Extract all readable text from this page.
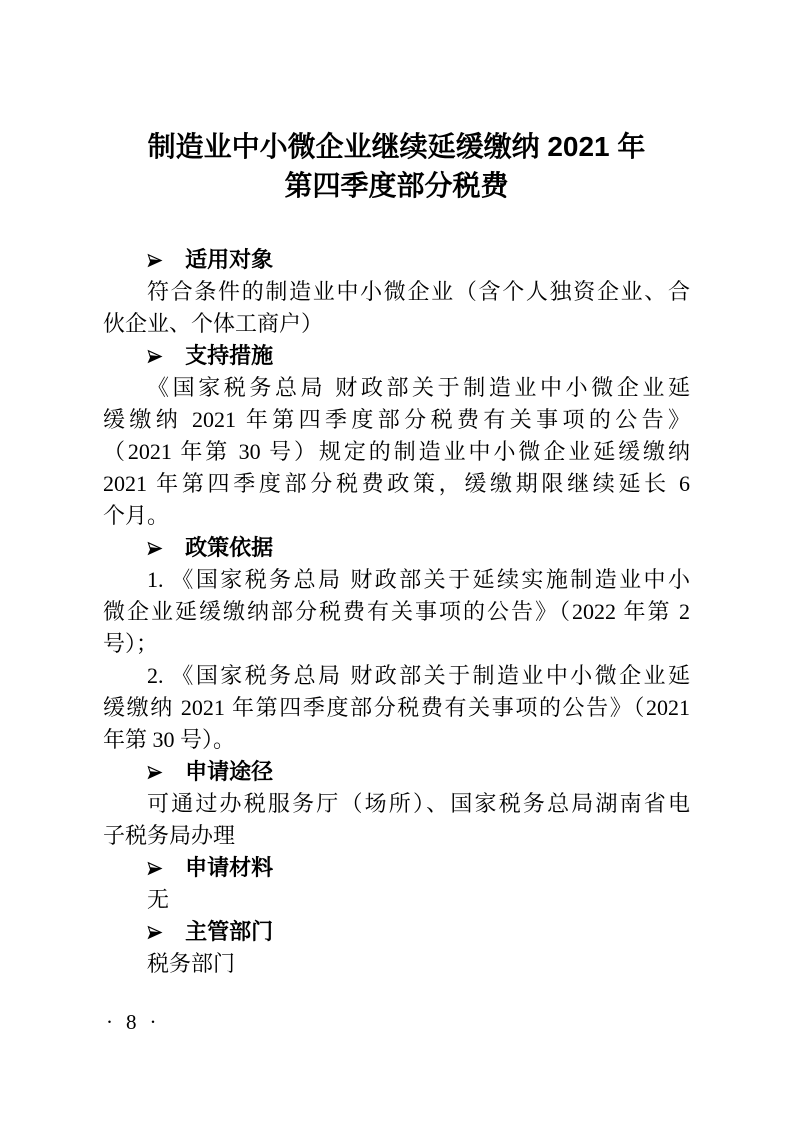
制造业中小微企业继续延缓缴纳 2021 年
第四季度部分税费
适用对象
符合条件的制造业中小微企业（含个人独资企业、合
伙企业、个体工商户）
支持措施
《国家税务总局 财政部关于制造业中小微企业延
缓缴纳 2021 年第四季度部分税费有关事项的公告》
（2021 年第 30 号）规定的制造业中小微企业延缓缴纳
2021 年第四季度部分税费政策，缓缴期限继续延长 6
个月。
政策依据
1. 《国家税务总局 财政部关于延续实施制造业中小
微企业延缓缴纳部分税费有关事项的公告》（2022 年第 2
号）；
2. 《国家税务总局 财政部关于制造业中小微企业延
缓缴纳 2021 年第四季度部分税费有关事项的公告》（2021
年第 30 号）。
申请途径
可通过办税服务厅（场所）、国家税务总局湖南省电
子税务局办理
申请材料
无
主管部门
税务部门
· 8 ·
